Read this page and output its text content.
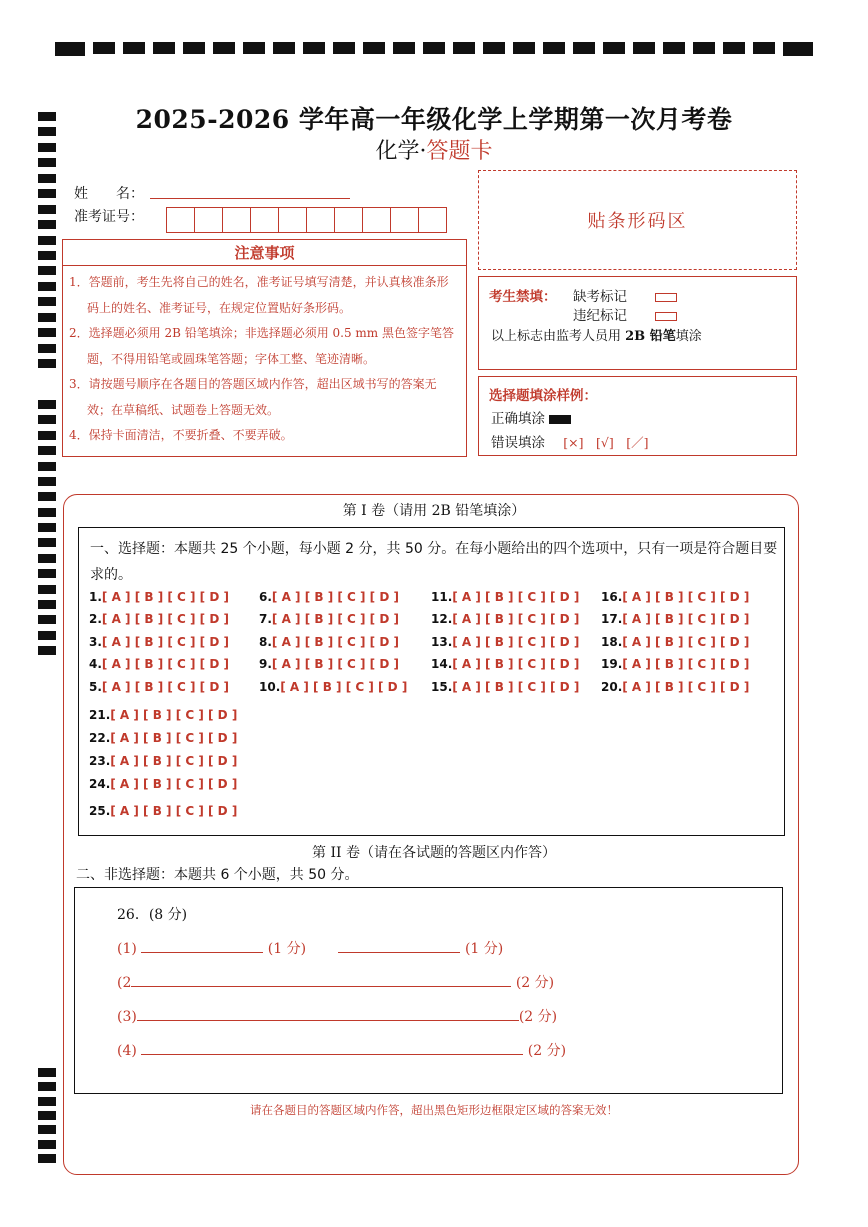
2025-2026 学年高一年级化学上学期第一次月考卷
化学·答题卡
姓　　名：
准考证号：	贴条形码区
注意事项
1．答题前，考生先将自己的姓名，准考证号填写清楚，并认真核准条形码上的姓名、准考证号，在规定位置贴好条形码。
2．选择题必须用 2B 铅笔填涂；非选择题必须用 0.5 mm 黑色签字笔答题，不得用铅笔或圆珠笔答题；字体工整、笔迹清晰。
3．请按题号顺序在各题目的答题区域内作答，超出区域书写的答案无效；在草稿纸、试题卷上答题无效。
4．保持卡面清洁，不要折叠、不要弄破。
考生禁填： 缺考标记
违纪标记
以上标志由监考人员用 2B 铅笔填涂
选择题填涂样例：
正确填涂
错误填涂 [×]　[√]　[／]
第 I 卷（请用 2B 铅笔填涂）
一、选择题：本题共 25 个小题，每小题 2 分，共 50 分。在每小题给出的四个选项中，只有一项是符合题目要求的。
1.[ A ] [ B ] [ C ] [ D ]
2.[ A ] [ B ] [ C ] [ D ]
3.[ A ] [ B ] [ C ] [ D ]
4.[ A ] [ B ] [ C ] [ D ]
5.[ A ] [ B ] [ C ] [ D ]
6.[ A ] [ B ] [ C ] [ D ]
7.[ A ] [ B ] [ C ] [ D ]
8.[ A ] [ B ] [ C ] [ D ]
9.[ A ] [ B ] [ C ] [ D ]
10.[ A ] [ B ] [ C ] [ D ]
11.[ A ] [ B ] [ C ] [ D ]
12.[ A ] [ B ] [ C ] [ D ]
13.[ A ] [ B ] [ C ] [ D ]
14.[ A ] [ B ] [ C ] [ D ]
15.[ A ] [ B ] [ C ] [ D ]
16.[ A ] [ B ] [ C ] [ D ]
17.[ A ] [ B ] [ C ] [ D ]
18.[ A ] [ B ] [ C ] [ D ]
19.[ A ] [ B ] [ C ] [ D ]
20.[ A ] [ B ] [ C ] [ D ]
21.[ A ] [ B ] [ C ] [ D ]
22.[ A ] [ B ] [ C ] [ D ]
23.[ A ] [ B ] [ C ] [ D ]
24.[ A ] [ B ] [ C ] [ D ]
25.[ A ] [ B ] [ C ] [ D ]
第 II 卷（请在各试题的答题区内作答）
二、非选择题：本题共 6 个小题，共 50 分。
26．(8 分)
(1)	(1 分)	(1 分)
(2	(2 分)
(3)	(2 分)
(4)	(2 分)
请在各题目的答题区域内作答，超出黑色矩形边框限定区域的答案无效！
